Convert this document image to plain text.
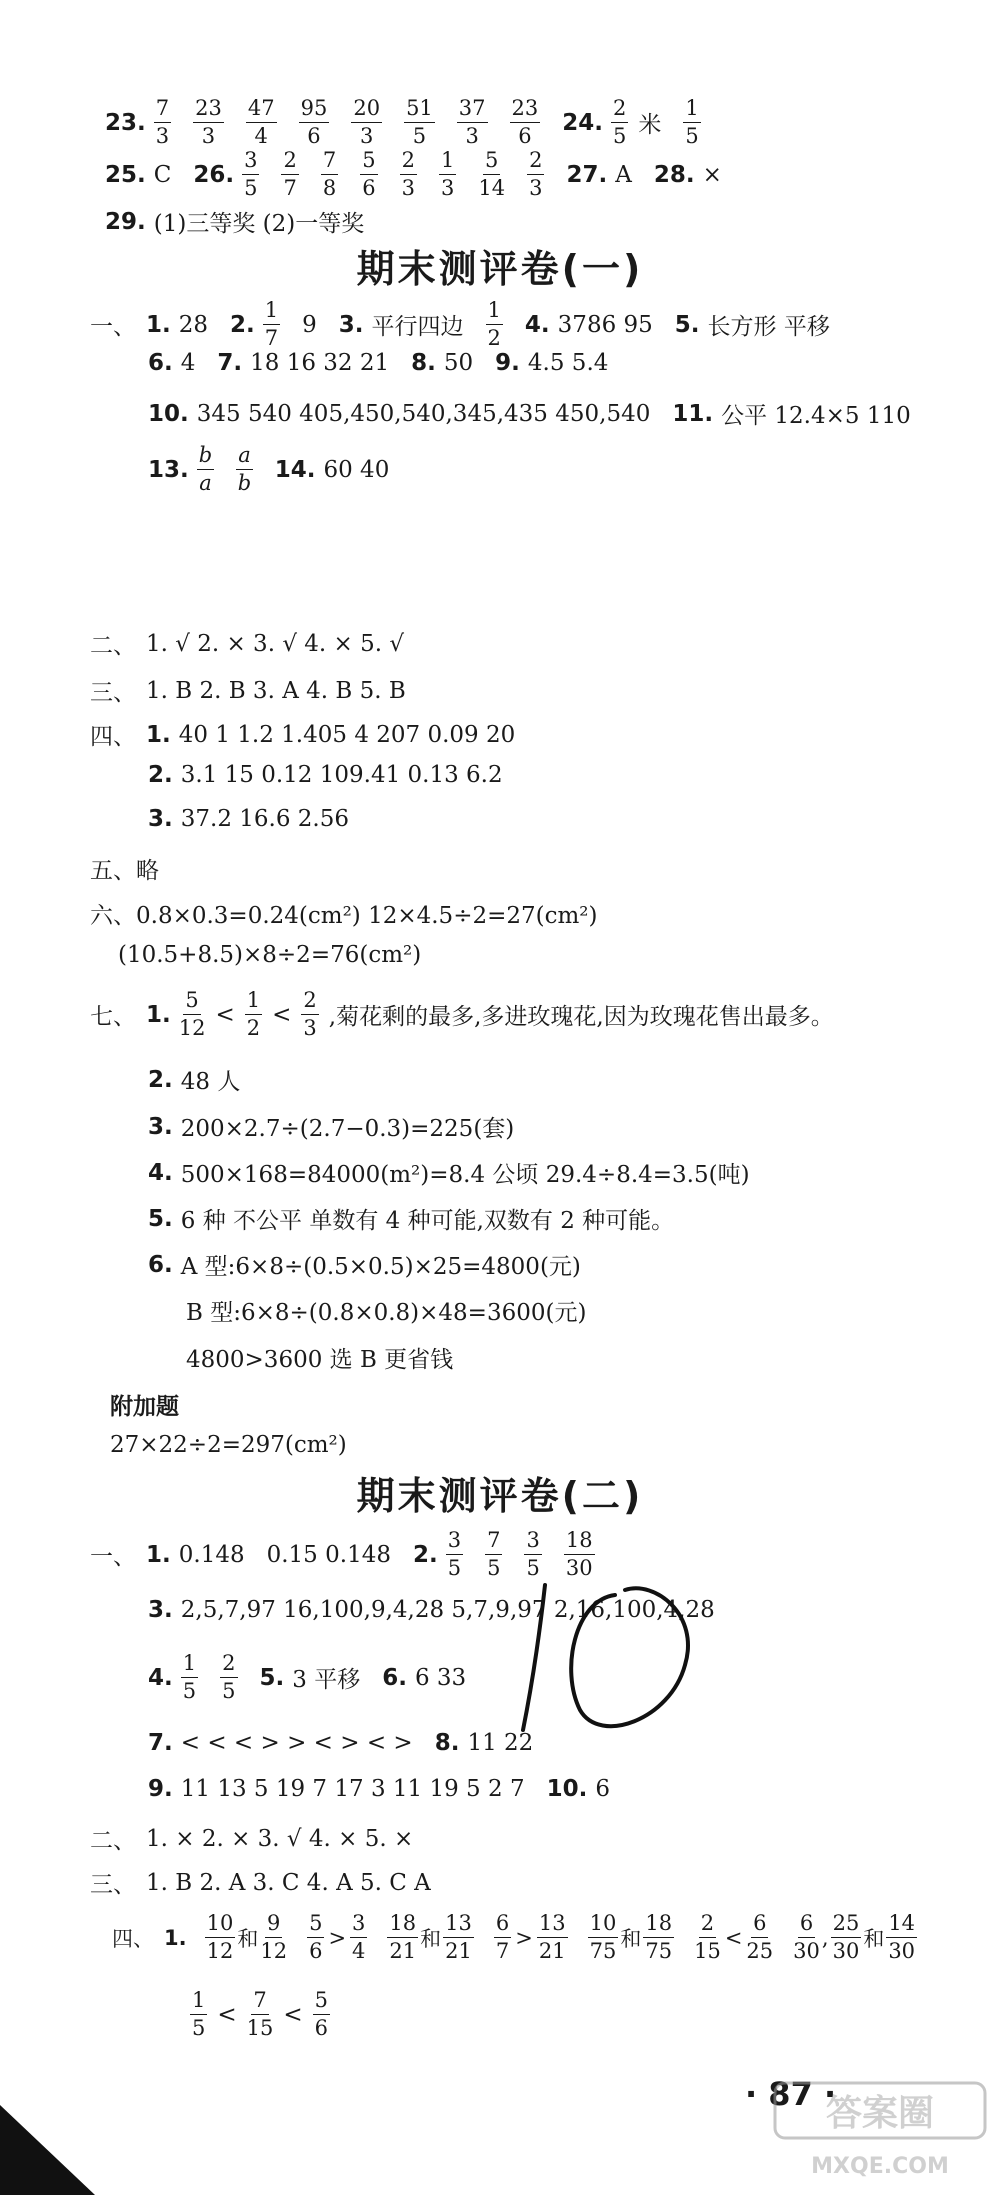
23.
7
3
23
3
47
4
95
6
20
3
51
5
37
3
23
6
24.
2
5 米
1
5
25. C 26.
3
5
2
7
7
8
5
6
2
3
1
3
5
14
2
3
27. A 28. ×
29. (1)三等奖 (2)一等奖
期末测评卷(一)
一、 1. 28 2.
1
7
9 3. 平行四边
1
2
4. 3786 95 5. 长方形 平移
6. 4 7. 18 16 32 21 8. 50 9. 4.5 5.4
10. 345 540 405,450,540,345,435 450,540 11. 公平 12.4×5 110
13.
b
a
a
b
14. 60 40
二、 1. √ 2. × 3. √ 4. × 5. √
三、 1. B 2. B 3. A 4. B 5. B
四、 1. 40 1 1.2 1.405 4 207 0.09 20
2. 3.1 15 0.12 109.41 0.13 6.2
3. 37.2 16.6 2.56
五、略
六、0.8×0.3=0.24(cm²) 12×4.5÷2=27(cm²)
(10.5+8.5)×8÷2=76(cm²)
七、 1.
5
12
<
1
2
<
2
3 ,菊花剩的最多,多进玫瑰花,因为玫瑰花售出最多。
2. 48 人
3. 200×2.7÷(2.7−0.3)=225(套)
4. 500×168=84000(m²)=8.4 公顷 29.4÷8.4=3.5(吨)
5. 6 种 不公平 单数有 4 种可能,双数有 2 种可能。
6. A 型:6×8÷(0.5×0.5)×25=4800(元)
B 型:6×8÷(0.8×0.8)×48=3600(元)
4800>3600 选 B 更省钱
附加题
27×22÷2=297(cm²)
期末测评卷(二)
一、 1. 0.148 0.15 0.148 2.
3
5
7
5
3
5
18
30
3. 2,5,7,97 16,100,9,4,28 5,7,9,97 2,16,100,4,28
4.
1
5
2
5
5. 3 平移 6. 6 33
7. < < < > > < > < > 8. 11 22
9. 11 13 5 19 7 17 3 11 19 5 2 7 10. 6
二、 1. × 2. × 3. √ 4. × 5. ×
三、 1. B 2. A 3. C 4. A 5. C A
四、 1.
10
12
和
9
12
5
6
>
3
4
18
21
和
13
21
6
7
>
13
21
10
75
和
18
75
2
15
<
6
25
6
30
,
25
30
和
14
30
1
5
<
7
15
<
5
6
· 87 ·
答案圈
MXQE.COM
